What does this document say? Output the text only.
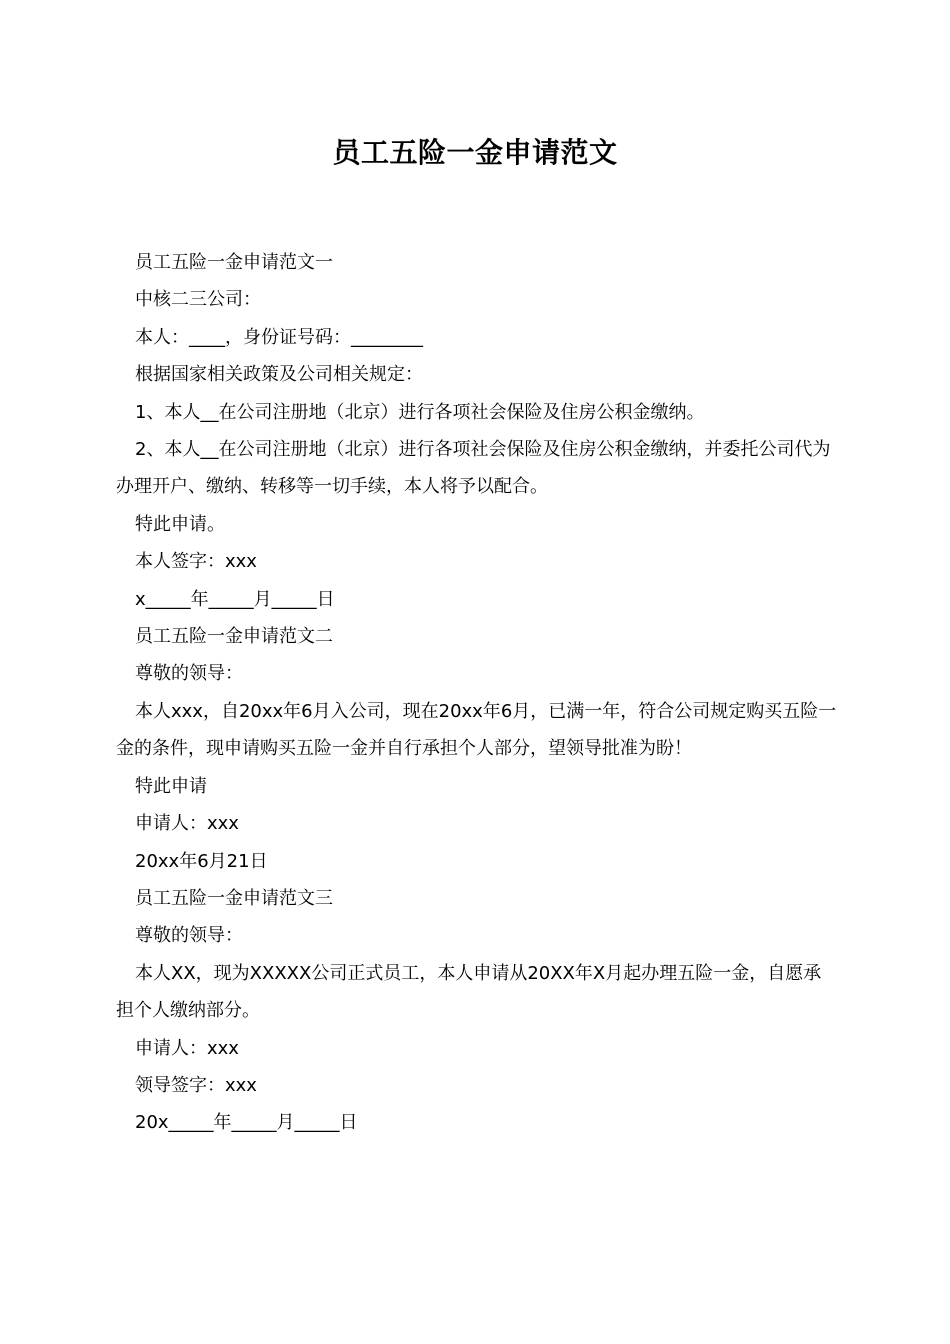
员工五险一金申请范文

员工五险一金申请范文一

中核二三公司：

本人：____，身份证号码：________

根据国家相关政策及公司相关规定：

1、本人__在公司注册地（北京）进行各项社会保险及住房公积金缴纳。

2、本人__在公司注册地（北京）进行各项社会保险及住房公积金缴纳，并委托公司代为办理开户、缴纳、转移等一切手续，本人将予以配合。

特此申请。

本人签字：xxx

x_____年_____月_____日

员工五险一金申请范文二

尊敬的领导：

本人xxx，自20xx年6月入公司，现在20xx年6月，已满一年，符合公司规定购买五险一金的条件，现申请购买五险一金并自行承担个人部分，望领导批准为盼！

特此申请

申请人：xxx

20xx年6月21日

员工五险一金申请范文三

尊敬的领导：

本人XX，现为XXXXX公司正式员工，本人申请从20XX年X月起办理五险一金，自愿承担个人缴纳部分。

申请人：xxx

领导签字：xxx

20x_____年_____月_____日
